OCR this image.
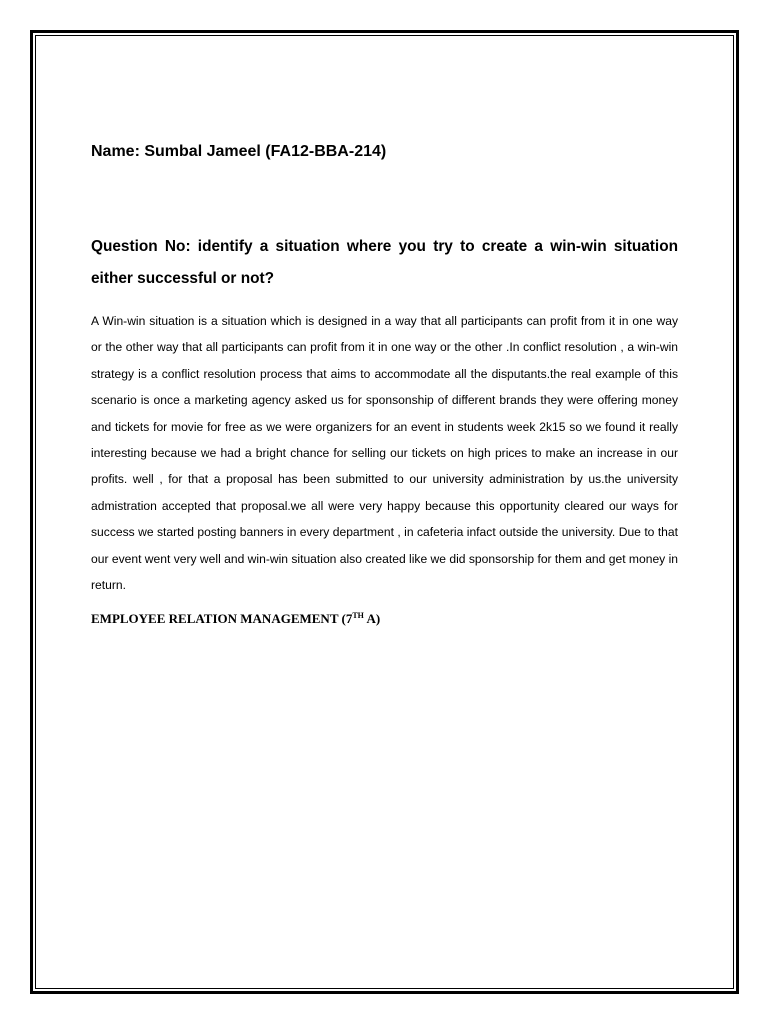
Name: Sumbal Jameel (FA12-BBA-214)
Question No: identify a situation where you try to create a win-win situation either successful or not?
A Win-win situation is a situation which is designed in a way that all participants can profit from it in one way or the other way that all participants can profit from it in one way or the other .In conflict resolution , a win-win strategy is a conflict resolution process that aims to accommodate all the disputants.the real example of this scenario is once a marketing agency asked us for sponsonship of different brands they were offering money and tickets for movie for free as we were organizers for an event in students week 2k15 so we found it really interesting because we had a bright chance for selling our tickets on high prices to make an increase in our profits. well , for that a proposal has been submitted to our university administration by us.the university admistration accepted that proposal.we all were very happy because this opportunity cleared our ways for success we started posting banners in every department , in cafeteria infact outside the university. Due to that our event went very well and win-win situation also created like we did sponsorship for them and get money in return.
EMPLOYEE RELATION MANAGEMENT (7TH A)
